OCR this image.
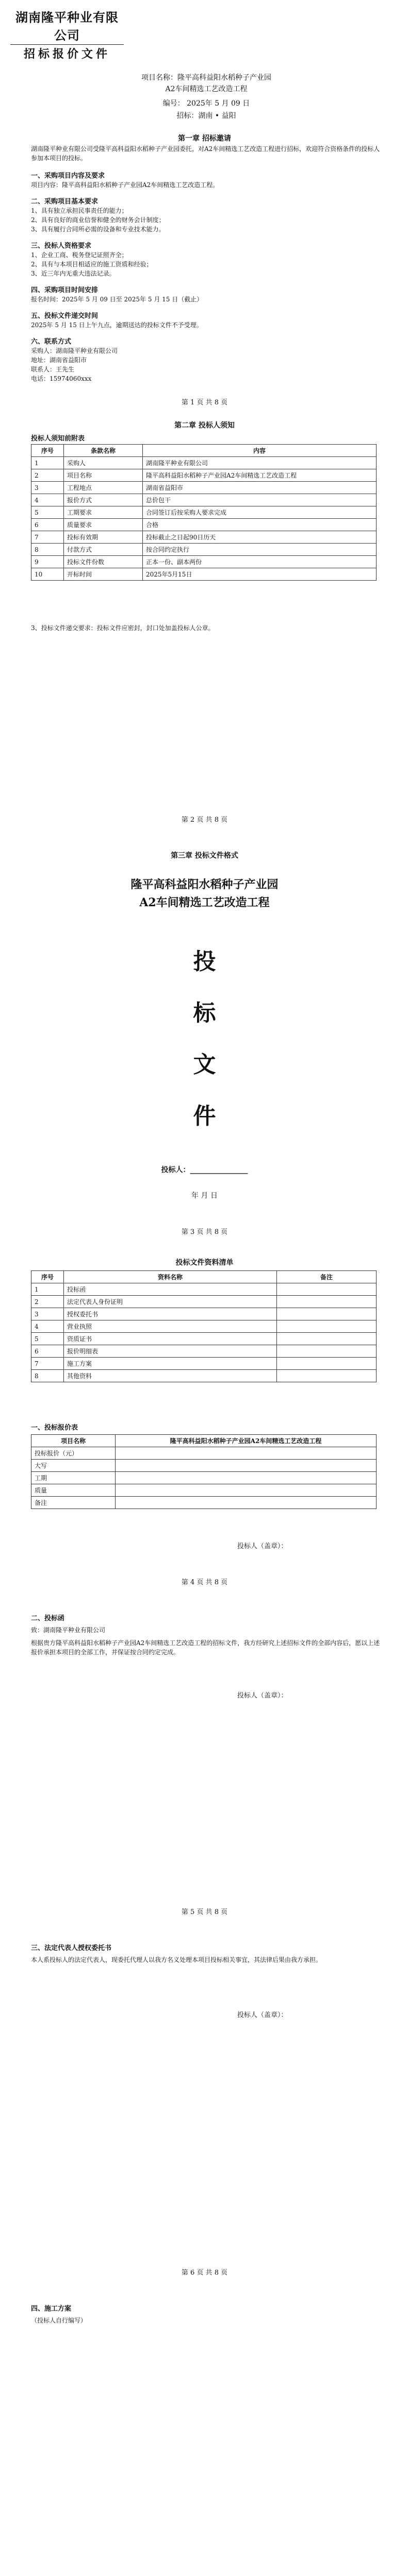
湖南隆平种业有限公司
招标报价文件
项目名称：隆平高科益阳水稻种子产业园
A2车间精选工艺改造工程
编号： 2025年 5 月 09 日
招标：湖南 • 益阳
第一章 招标邀请
湖南隆平种业有限公司受隆平高科益阳水稻种子产业园委托，对A2车间精选工艺改造工程进行招标，欢迎符合资格条件的投标人参加本项目的投标。
一、采购项目内容及要求
项目内容：隆平高科益阳水稻种子产业园A2车间精选工艺改造工程。
二、采购项目基本要求
1、具有独立承担民事责任的能力；
2、具有良好的商业信誉和健全的财务会计制度；
3、具有履行合同所必需的设备和专业技术能力。
三、投标人资格要求
1、企业工商、税务登记证照齐全；
2、具有与本项目相适应的施工资质和经验；
3、近三年内无重大违法记录。
四、采购项目时间安排
报名时间：2025年 5 月 09 日至 2025年 5 月 15 日（截止）
五、投标文件递交时间
2025年 5 月 15 日上午九点，逾期送达的投标文件不予受理。
六、联系方式
采购人：湖南隆平种业有限公司
地址：湖南省益阳市
联系人：王先生
电话：15974060xxx
第 1 页 共 8 页
第二章 投标人须知
投标人须知前附表
序号	条款名称	内容
1	采购人	湖南隆平种业有限公司
2	项目名称	隆平高科益阳水稻种子产业园A2车间精选工艺改造工程
3	工程地点	湖南省益阳市
4	报价方式	总价包干
5	工期要求	合同签订后按采购人要求完成
6	质量要求	合格
7	投标有效期	投标截止之日起90日历天
8	付款方式	按合同约定执行
9	投标文件份数	正本一份、副本两份
10	开标时间	2025年5月15日
3、投标文件递交要求：投标文件应密封，封口处加盖投标人公章。
第 2 页 共 8 页
第三章 投标文件格式
隆平高科益阳水稻种子产业园
A2车间精选工艺改造工程
投
标
文
件
投标人：________________
年 月 日
第 3 页 共 8 页
投标文件资料清单
序号	资料名称	备注
1	投标函	
2	法定代表人身份证明	
3	授权委托书	
4	营业执照	
5	资质证书	
6	报价明细表	
7	施工方案	
8	其他资料	
一、投标报价表
项目名称	隆平高科益阳水稻种子产业园A2车间精选工艺改造工程
投标报价（元）	
大写	
工期	
质量	
备注	
投标人（盖章）：
第 4 页 共 8 页
二、投标函
致：湖南隆平种业有限公司
根据贵方隆平高科益阳水稻种子产业园A2车间精选工艺改造工程的招标文件，我方经研究上述招标文件的全部内容后，愿以上述报价承担本项目的全部工作，并保证按合同约定完成。
投标人（盖章）：
第 5 页 共 8 页
三、法定代表人授权委托书
本人系投标人的法定代表人，现委托代理人以我方名义处理本项目投标相关事宜，其法律后果由我方承担。
投标人（盖章）：
第 6 页 共 8 页
四、施工方案
（投标人自行编写）
